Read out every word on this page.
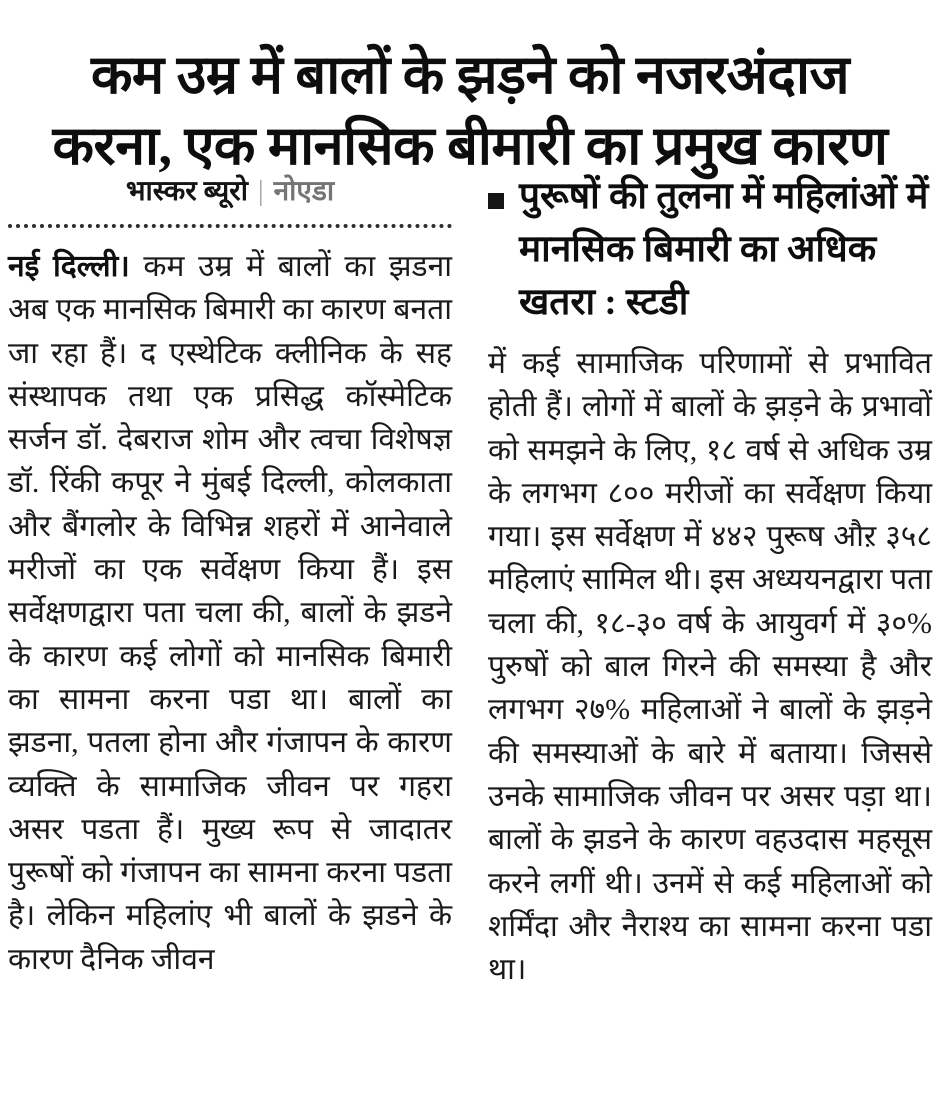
कम उम्र में बालों के झड़ने को नजरअंदाज
करना, एक मानसिक बीमारी का प्रमुख कारण
भास्कर ब्यूरो | नोएडा

नई दिल्ली। कम उम्र में बालों का झडना अब एक मानसिक बिमारी का कारण बनता जा रहा हैं। द एस्थेटिक क्लीनिक के सह संस्थापक तथा एक प्रसिद्ध कॉस्मेटिक सर्जन डॉ. देबराज शोम और त्वचा विशेषज्ञ डॉ. रिंकी कपूर ने मुंबई दिल्ली, कोलकाता और बैंगलोर के विभिन्न शहरों में आनेवाले मरीजों का एक सर्वेक्षण किया हैं। इस सर्वेक्षणद्वारा पता चला की, बालों के झडने के कारण कई लोगों को मानसिक बिमारी का सामना करना पडा था। बालों का झडना, पतला होना और गंजापन के कारण व्यक्ति के सामाजिक जीवन पर गहरा असर पडता हैं। मुख्य रूप से जादातर पुरूषों को गंजापन का सामना करना पडता है। लेकिन महिलांए भी बालों के झडने के कारण दैनिक जीवन

पुरूषों की तुलना में महिलांओं में मानसिक बिमारी का अधिक खतरा : स्टडी

में कई सामाजिक परिणामों से प्रभावित होती हैं। लोगों में बालों के झड़ने के प्रभावों को समझने के लिए, १८ वर्ष से अधिक उम्र के लगभग ८०० मरीजों का सर्वेक्षण किया गया। इस सर्वेक्षण में ४४२ पुरूष औऱ ३५८ महिलाएं सामिल थी। इस अध्ययनद्वारा पता चला की, १८-३० वर्ष के आयुवर्ग में ३०% पुरुषों को बाल गिरने की समस्या है और लगभग २७% महिलाओं ने बालों के झड़ने की समस्याओं के बारे में बताया। जिससे उनके सामाजिक जीवन पर असर पड़ा था। बालों के झडने के कारण वहउदास महसूस करने लगीं थी। उनमें से कई महिलाओं को शर्मिंदा और नैराश्य का सामना करना पडा था।
